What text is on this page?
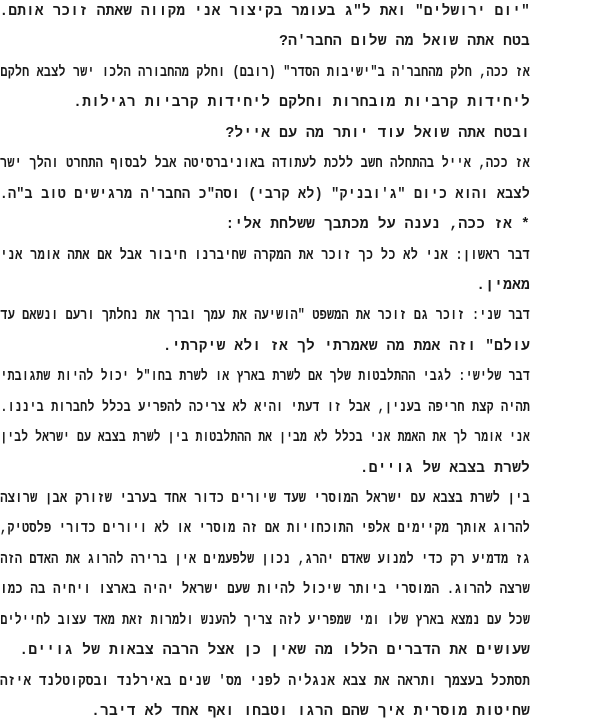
"יום ירושלים" ואת ל"ג בעומר בקיצור אני מקווה שאתה זוכר אותם.
בטח אתה שואל מה שלום החבר'ה?
אז ככה, חלק מהחבר'ה ב"ישיבות הסדר" (רובם) וחלק מהחבורה הלכו ישר לצבא חלקם
ליחידות קרביות מובחרות וחלקם ליחידות קרביות רגילות.
ובטח אתה שואל עוד יותר מה עם אייל?
אז ככה, אייל בהתחלה חשב ללכת לעתודה באוניברסיטה אבל לבסוף התחרט והלך ישר
לצבא והוא כיום "ג'ובניק" (לא קרבי) וסה"כ החבר'ה מרגישים טוב ב"ה.
* אז ככה, נענה על מכתבך ששלחת אלי:
דבר ראשון: אני לא כל כך זוכר את המקרה שחיברנו חיבור אבל אם אתה אומר אני
מאמין.
דבר שני: זוכר גם זוכר את המשפט "הושיעה את עמך וברך את נחלתך ורעם ונשאם עד
עולם" וזה אמת מה שאמרתי לך אז ולא שיקרתי.
דבר שלישי: לגבי ההתלבטות שלך אם לשרת בארץ או לשרת בחו"ל יכול להיות שתגובתי
תהיה קצת חריפה בענין, אבל זו דעתי והיא לא צריכה להפריע בכלל לחברות ביננו.
אני אומר לך את האמת אני בכלל לא מבין את ההתלבטות בין לשרת בצבא עם ישראל לבין
לשרת בצבא של גויים.
בין לשרת בצבא עם ישראל המוסרי שעד שיורים כדור אחד בערבי שזורק אבן שרוצה
להרוג אותך מקיימים אלפי התוכחויות אם זה מוסרי או לא ויורים כדורי פלסטיק,
גז מדמיע רק כדי למנוע שאדם יהרג, נכון שלפעמים אין ברירה להרוג את האדם הזה
שרצה להרוג. המוסרי ביותר שיכול להיות שעם ישראל יהיה בארצו ויחיה בה כמו
שכל עם נמצא בארץ שלו ומי שמפריע לזה צריך להענש ולמרות זאת מאד עצוב לחיילים
שעושים את הדברים הללו מה שאין כן אצל הרבה צבאות של גויים.
תסתכל בעצמך ותראה את צבא אנגליה לפני מס' שנים באירלנד ובסקוטלנד איזה
שחיטות מוסרית איך שהם הרגו וטבחו ואף אחד לא דיבר.
